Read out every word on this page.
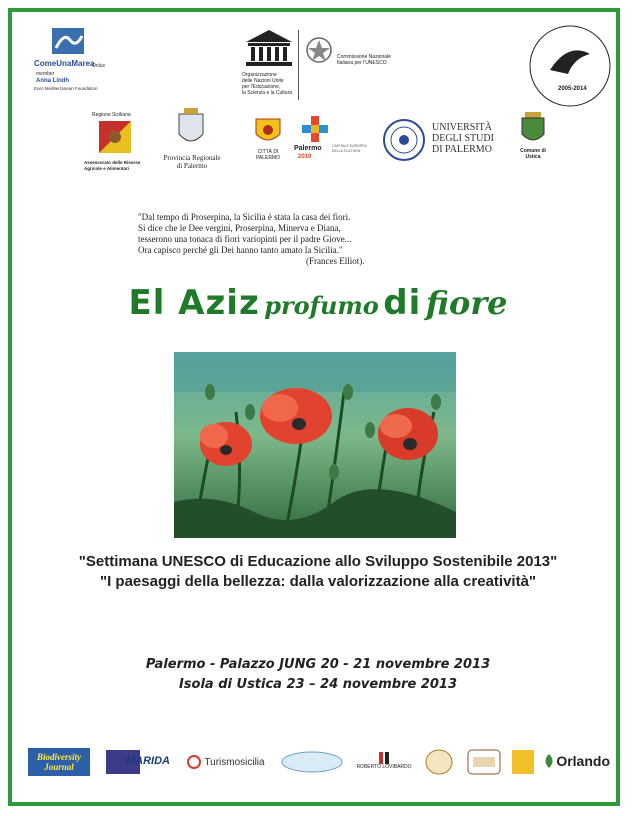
ComeUnaMarea
Onlus
member
Anna Lindh
Euro Mediterranean Foundation
Organizzazione
delle Nazioni Unite
per l'Educazione,
la Scienza e la Cultura
Commissione Nazionale
Italiana per l'UNESCO
2005-2014
Regione Siciliana
Assessorato delle Risorse
Agricole e Alimentari
Provincia Regionale
di Palermo
CITTÀ DI
PALERMO
Palermo
2019
CAPITALE EUROPEA
DELLA CULTURA
UNIVERSITÀ
DEGLI STUDI
DI PALERMO	Comune di
Ustica
"Dal tempo di Proserpina, la Sicilia è stata la casa dei fiori.
Si dice che le Dee vergini, Proserpina, Minerva e Diana,
tesserono una tonaca di fiori variopinti per il padre Giove...
Ora capisco perché gli Dei hanno tanto amato la Sicilia."
(Frances Elliot).
El Aziz profumo di fiore
"Settimana UNESCO di Educazione allo Sviluppo Sostenibile 2013"
"I paesaggi della bellezza: dalla valorizzazione alla creatività"
Palermo - Palazzo JUNG 20 - 21 novembre 2013
Isola di Ustica 23 – 24 novembre 2013
Biodiversity
Journal	MARIDA	Turismosicilia	ROBERTO LOVIBARDO	Orlando
